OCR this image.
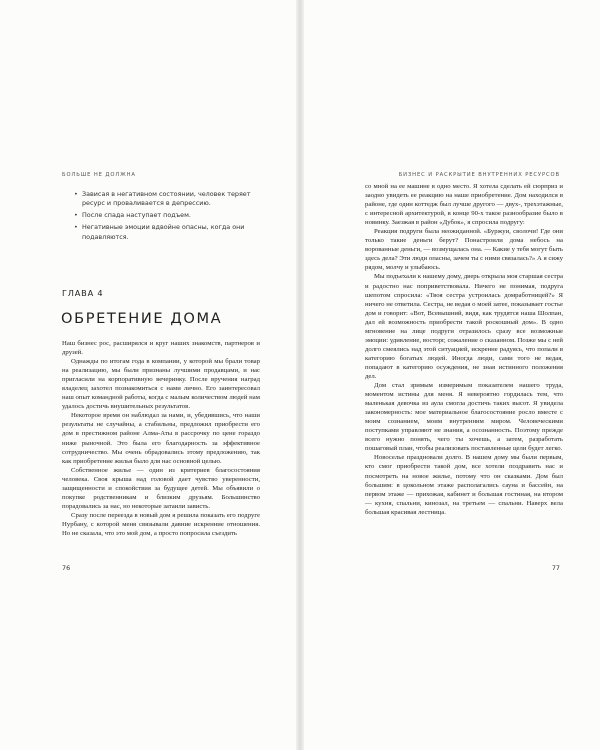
БОЛЬШЕ НЕ ДОЛЖНА
• Зависая в негативном состоянии, человек теряет ресурс и проваливается в депрессию.
• После спада наступает подъем.
• Негативные эмоции вдвойне опасны, когда они подавляются.
ГЛАВА 4
ОБРЕТЕНИЕ ДОМА

Наш бизнес рос, расширялся и круг наших знакомств, партнеров и друзей.

Однажды по итогам года в компании, у которой мы брали товар на реализацию, мы были признаны лучшими продавцами, и нас пригласили на корпоративную вечеринку. После вручения наград владелец захотел познакомиться с нами лично. Его заинтересовал наш опыт командной работы, когда с малым количеством людей нам удалось достичь внушительных результатов.

Некоторое время он наблюдал за нами, и, убедившись, что наши результаты не случайны, а стабильны, предложил приобрести его дом в престижном районе Алма-Аты в рассрочку по цене гораздо ниже рыночной. Это была его благодарность за эффективное сотрудничество. Мы очень обрадовались этому предложению, так как приобретение жилья было для нас основной целью.

Собственное жилье — один из критериев благосостояния человека. Своя крыша над головой дает чувство уверенности, защищенности и спокойствия за будущее детей. Мы объявили о покупке родственникам и близким друзьям. Большинство порадовались за нас, но некоторые затаили зависть.

Сразу после переезда в новый дом я решила показать его подруге Нурбану, с которой меня связывали давние искренние отношения. Но не сказала, что это мой дом, а просто попросила съездить

76
БИЗНЕС И РАСКРЫТИЕ ВНУТРЕННИХ РЕСУРСОВ

со мной на ее машине в одно место. Я хотела сделать ей сюрприз и заодно увидеть ее реакцию на наше приобретение. Дом находился в районе, где один коттедж был лучше другого — двух-, трехэтажные, с интересной архитектурой, в конце 90-х такое разнообразие было в новинку. Заезжая в район «Дубок», я спросила подругу:

Реакция подруги была неожиданной. «Буржуи, сволочи! Где они только такие деньги берут? Понастроили дома небось на ворованные деньги, — возмущалась она. — Какие у тебя могут быть здесь дела? Эти люди опасны, зачем ты с ними связалась?» А я сижу рядом, молчу и улыбаюсь.

Мы подъехали к нашему дому, дверь открыла моя старшая сестра и радостно нас поприветствовала. Ничего не понимая, подруга шепотом спросила: «Твоя сестра устроилась домработницей?» Я ничего не ответила. Сестра, не ведая о моей затее, показывает гостье дом и говорит: «Вот, Всевышний, видя, как трудятся наша Шолпан, дал ей возможность приобрести такой роскошный дом». В одно мгновение на лице подруги отразилось сразу все возможные эмоции: удивление, восторг, сожаление о сказанном. Позже мы с ней долго смеялись над этой ситуацией, искренне радуясь, что попали в категорию богатых людей. Иногда люди, сами того не ведая, попадают в категорию осуждения, не зная истинного положения дел.

Дом стал зримым измеримым показателем нашего труда, моментом истины для меня. Я невероятно гордилась тем, что маленькая девочка из аула смогла достичь таких высот. Я увидела закономерность: мое материальное благосостояние росло вместе с моим сознанием, моим внутренним миром. Человеческими поступками управляют не знания, а осознанность. Поэтому прежде всего нужно понять, чего ты хочешь, а затем, разработать пошаговый план, чтобы реализовать поставленные цели будет легко.

Новоселье праздновали долго. В нашем дому мы были первым, кто смог приобрести такой дом, все хотели поздравить нас и посмотреть на новое жилье, потому что он сказками. Дом был большим: в цокольном этаже располагались сауна и бассейн, на первом этаже — прихожая, кабинет и большая гостиная, на втором — кухня, спальни, кинозал, на третьем — спальни. Наверх вела большая красивая лестница.

77
